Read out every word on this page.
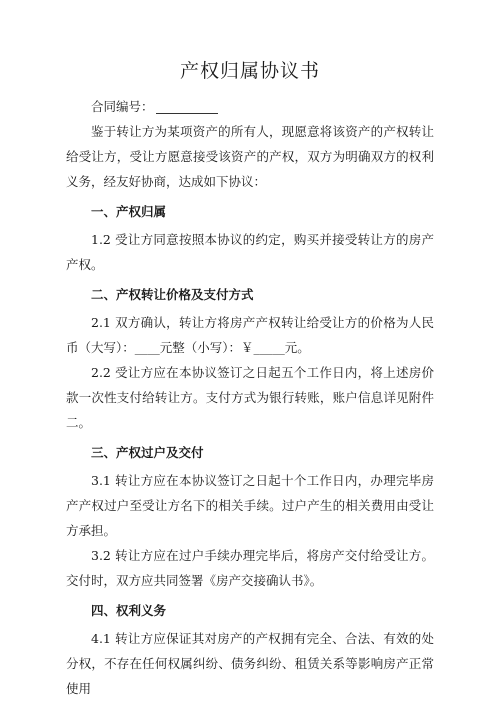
产权归属协议书

合同编号：

鉴于转让方为某项资产的所有人，现愿意将该资产的产权转让给受让方，受让方愿意接受该资产的产权，双方为明确双方的权利义务，经友好协商，达成如下协议：

一、产权归属

1.2 受让方同意按照本协议的约定，购买并接受转让方的房产产权。

二、产权转让价格及支付方式

2.1 双方确认，转让方将房产产权转让给受让方的价格为人民币（大写）：____元整（小写）：￥_____元。

2.2 受让方应在本协议签订之日起五个工作日内，将上述房价款一次性支付给转让方。支付方式为银行转账，账户信息详见附件二。

三、产权过户及交付

3.1 转让方应在本协议签订之日起十个工作日内，办理完毕房产产权过户至受让方名下的相关手续。过户产生的相关费用由受让方承担。

3.2 转让方应在过户手续办理完毕后，将房产交付给受让方。交付时，双方应共同签署《房产交接确认书》。

四、权利义务

4.1 转让方应保证其对房产的产权拥有完全、合法、有效的处分权，不存在任何权属纠纷、债务纠纷、租赁关系等影响房产正常使用
